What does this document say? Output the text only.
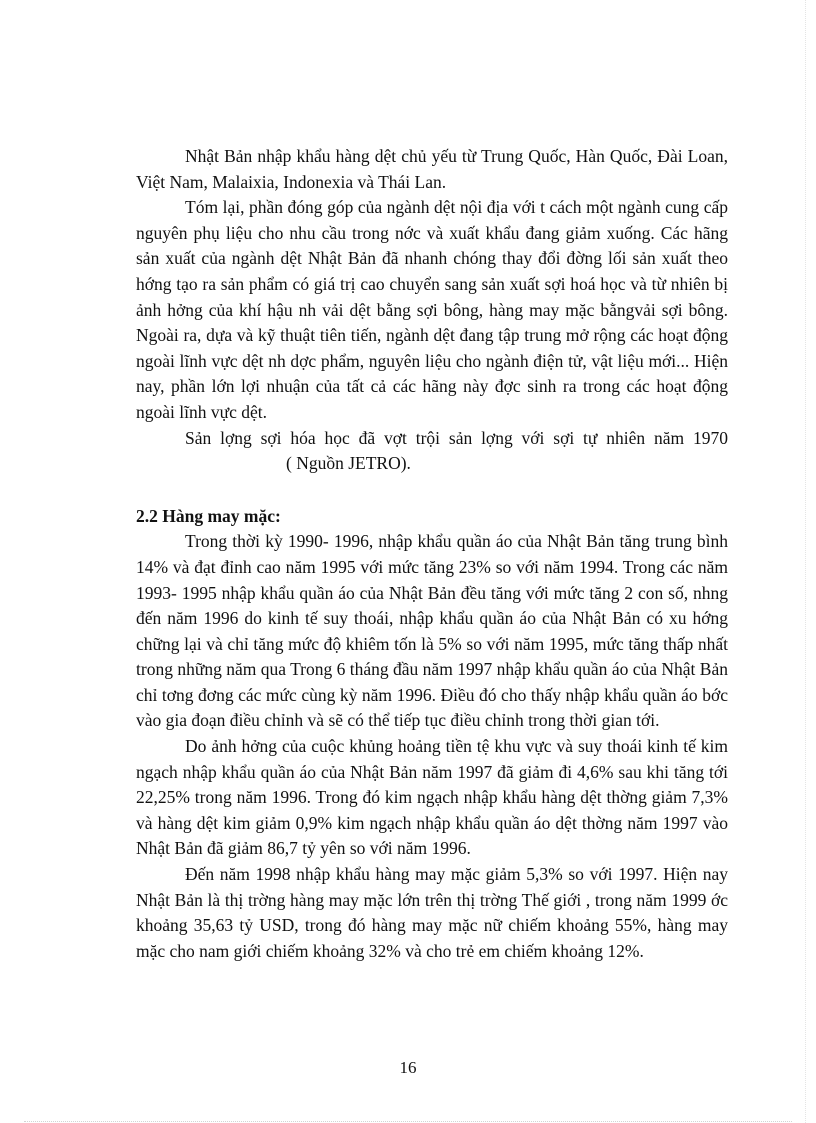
Nhật Bản nhập khẩu hàng dệt chủ yếu từ Trung Quốc, Hàn Quốc, Đài Loan, Việt Nam, Malaixia, Indonexia và Thái Lan.

Tóm lại, phần đóng góp của ngành dệt nội địa với t cách một ngành cung cấp nguyên phụ liệu cho nhu cầu trong nớc và xuất khẩu đang giảm xuống. Các hãng sản xuất của ngành dệt Nhật Bản đã nhanh chóng thay đổi đờng lối sản xuất theo hớng tạo ra sản phẩm có giá trị cao chuyển sang sản xuất sợi hoá học và từ nhiên bị ảnh hởng của khí hậu nh vải dệt bằng sợi bông, hàng may mặc bằngvải sợi bông. Ngoài ra, dựa và kỹ thuật tiên tiến, ngành dệt đang tập trung mở rộng các hoạt động ngoài lĩnh vực dệt nh dợc phẩm, nguyên liệu cho ngành điện tử, vật liệu mới... Hiện nay, phần lớn lợi nhuận của tất cả các hãng này đợc sinh ra trong các hoạt động ngoài lĩnh vực dệt.

Sản lợng sợi hóa học đã vợt trội sản lợng với sợi tự nhiên năm 1970( Nguồn JETRO).

2.2 Hàng may mặc:

Trong thời kỳ 1990- 1996, nhập khẩu quần áo của Nhật Bản tăng trung bình 14% và đạt đỉnh cao năm 1995 với mức tăng 23% so với năm 1994. Trong các năm 1993- 1995 nhập khẩu quần áo của Nhật Bản đều tăng với mức tăng 2 con số, nhng đến năm 1996 do kinh tế suy thoái, nhập khẩu quần áo của Nhật Bản có xu hớng chững lại và chỉ tăng mức độ khiêm tốn là 5% so với năm 1995, mức tăng thấp nhất trong những năm qua Trong 6 tháng đầu năm 1997 nhập khẩu quần áo của Nhật Bản chỉ tơng đơng các mức cùng kỳ năm 1996. Điều đó cho thấy nhập khẩu quần áo bớc vào gia đoạn điều chỉnh và sẽ có thể tiếp tục điều chỉnh trong thời gian tới.

Do ảnh hởng của cuộc khủng hoảng tiền tệ khu vực và suy thoái kinh tế kim ngạch nhập khẩu quần áo của Nhật Bản năm 1997 đã giảm đi 4,6% sau khi tăng tới 22,25% trong năm 1996. Trong đó kim ngạch nhập khẩu hàng dệt thờng giảm 7,3% và hàng dệt kim giảm 0,9% kim ngạch nhập khẩu quần áo dệt thờng năm 1997 vào Nhật Bản đã giảm 86,7 tỷ yên so với năm 1996.

Đến năm 1998 nhập khẩu hàng may mặc giảm 5,3% so với 1997. Hiện nay Nhật Bản là thị trờng hàng may mặc lớn trên thị trờng Thế giới , trong năm 1999 ớc khoảng 35,63 tỷ USD, trong đó hàng may mặc nữ chiếm khoảng 55%, hàng may mặc cho nam giới chiếm khoảng 32% và cho trẻ em chiếm khoảng 12%.

16
